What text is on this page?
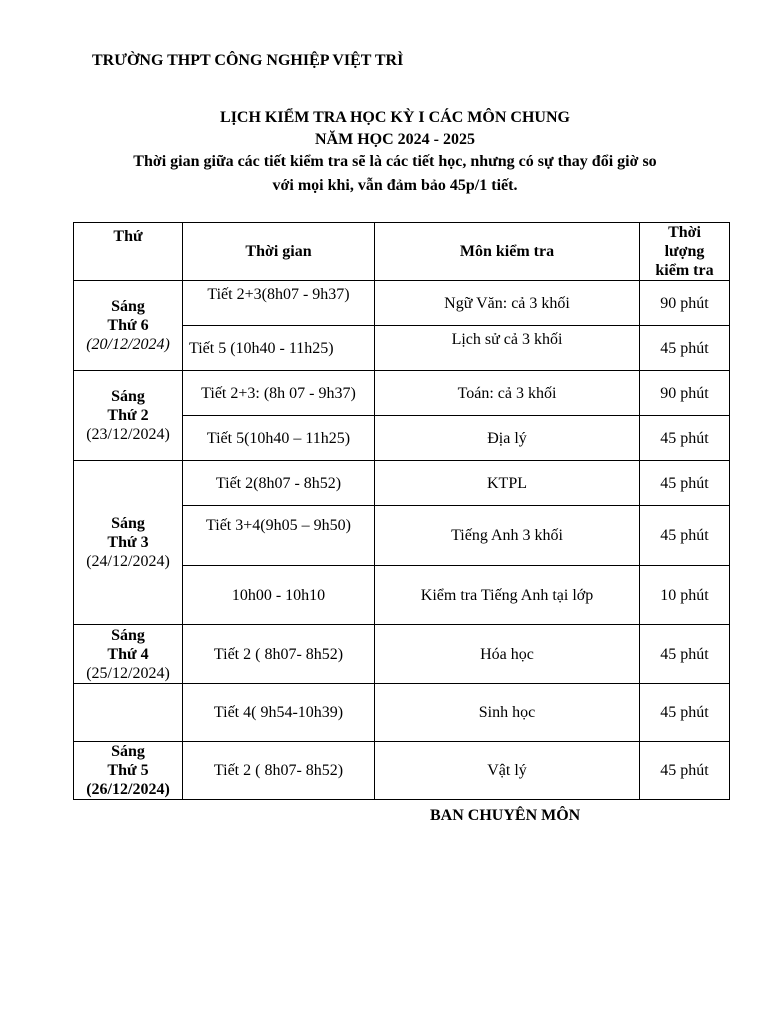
TRƯỜNG THPT CÔNG NGHIỆP VIỆT TRÌ
LỊCH KIỂM TRA HỌC KỲ I CÁC MÔN CHUNG
NĂM HỌC 2024 - 2025
Thời gian giữa các tiết kiểm tra sẽ là các tiết học, nhưng có sự thay đổi giờ so
với mọi khi, vẫn đảm bảo 45p/1 tiết.
Thứ	Thời gian	Môn kiểm tra	Thời
lượng
kiểm tra

Sáng
Thứ 6
(20/12/2024)	Tiết 2+3(8h07 - 9h37)	Ngữ Văn: cả 3 khối	90 phút
	Tiết 5 (10h40 - 11h25)	Lịch sử cả 3 khối	45 phút

Sáng
Thứ 2
(23/12/2024)	Tiết 2+3: (8h 07 - 9h37)	Toán: cả 3 khối	90 phút
	Tiết 5(10h40 – 11h25)	Địa lý	45 phút

Sáng
Thứ 3
(24/12/2024)	Tiết 2(8h07 - 8h52)	KTPL	45 phút
	Tiết 3+4(9h05 – 9h50)	Tiếng Anh 3 khối	45 phút
	10h00 - 10h10	Kiểm tra Tiếng Anh tại lớp	10 phút

Sáng
Thứ 4
(25/12/2024)	Tiết 2 ( 8h07- 8h52)	Hóa học	45 phút
	Tiết 4( 9h54-10h39)	Sinh học	45 phút

Sáng
Thứ 5
(26/12/2024)	Tiết 2 ( 8h07- 8h52)	Vật lý	45 phút
BAN CHUYÊN MÔN
